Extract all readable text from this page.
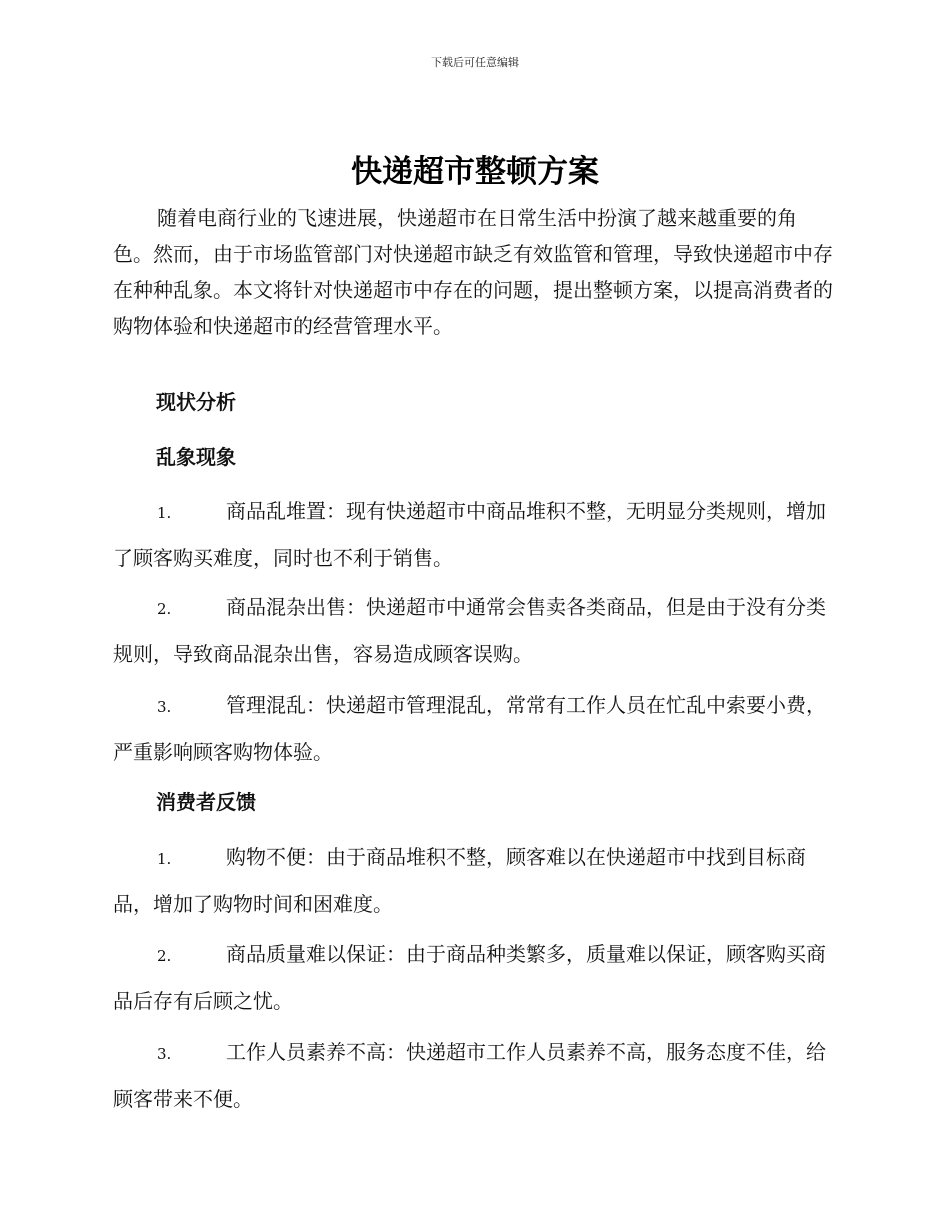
下载后可任意编辑
快递超市整顿方案

随着电商行业的飞速进展，快递超市在日常生活中扮演了越来越重要的角色。然而，由于市场监管部门对快递超市缺乏有效监管和管理，导致快递超市中存在种种乱象。本文将针对快递超市中存在的问题，提出整顿方案，以提高消费者的购物体验和快递超市的经营管理水平。

现状分析
乱象现象

1.	商品乱堆置：现有快递超市中商品堆积不整，无明显分类规则，增加了顾客购买难度，同时也不利于销售。

2.	商品混杂出售：快递超市中通常会售卖各类商品，但是由于没有分类规则，导致商品混杂出售，容易造成顾客误购。

3.	管理混乱：快递超市管理混乱，常常有工作人员在忙乱中索要小费，严重影响顾客购物体验。

消费者反馈

1.	购物不便：由于商品堆积不整，顾客难以在快递超市中找到目标商品，增加了购物时间和困难度。

2.	商品质量难以保证：由于商品种类繁多，质量难以保证，顾客购买商品后存有后顾之忧。

3.	工作人员素养不高：快递超市工作人员素养不高，服务态度不佳，给顾客带来不便。
